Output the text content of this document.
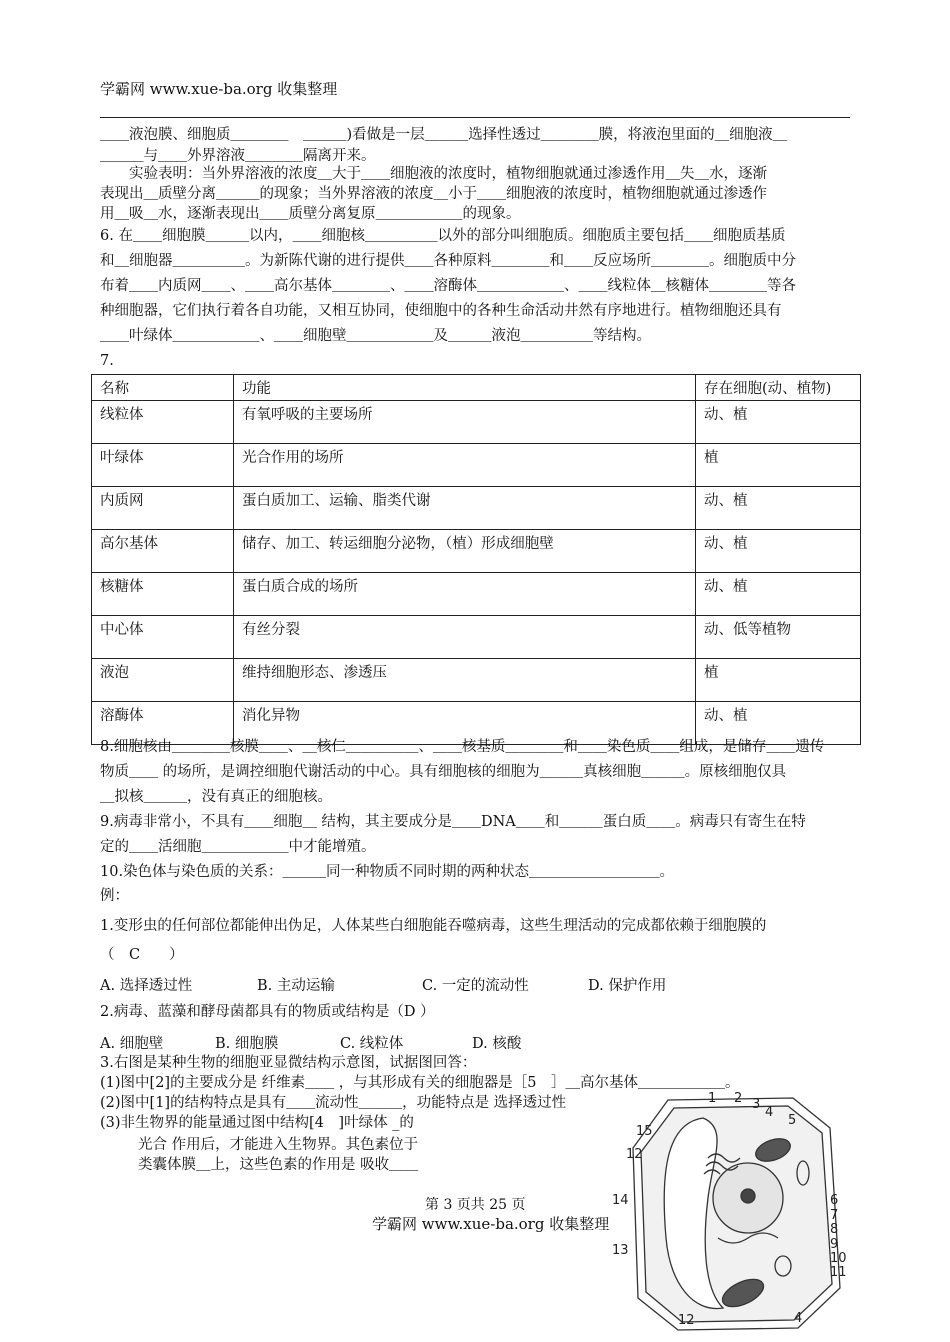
学霸网 www.xue-ba.org 收集整理
＿＿液泡膜、细胞质＿＿＿＿　＿＿＿)看做是一层＿＿＿选择性透过＿＿＿＿膜，将液泡里面的＿细胞液＿
＿＿＿与＿＿外界溶液＿＿＿＿隔离开来。
　　实验表明：当外界溶液的浓度＿大于＿＿细胞液的浓度时，植物细胞就通过渗透作用＿失＿水，逐渐
表现出＿质壁分离＿＿＿的现象；当外界溶液的浓度＿小于＿＿细胞液的浓度时，植物细胞就通过渗透作
用＿吸＿水，逐渐表现出＿＿质壁分离复原＿＿＿＿＿＿的现象。
6. 在＿＿细胞膜＿＿＿以内，＿＿细胞核＿＿＿＿＿以外的部分叫细胞质。细胞质主要包括＿＿细胞质基质
和＿细胞器＿＿＿＿＿。为新陈代谢的进行提供＿＿各种原料＿＿＿＿和＿＿反应场所＿＿＿＿。细胞质中分
布着＿＿内质网＿＿、＿＿高尔基体＿＿＿＿、＿＿溶酶体＿＿＿＿＿＿、＿＿线粒体＿核糖体＿＿＿＿等各
种细胞器，它们执行着各自功能，又相互协同，使细胞中的各种生命活动井然有序地进行。植物细胞还具有
＿＿叶绿体＿＿＿＿＿＿、＿＿细胞壁＿＿＿＿＿＿及＿＿＿液泡＿＿＿＿＿等结构。
7.
名称	功能	存在细胞(动、植物)
线粒体	有氧呼吸的主要场所	动、植
叶绿体	光合作用的场所	植
内质网	蛋白质加工、运输、脂类代谢	动、植
高尔基体	储存、加工、转运细胞分泌物，（植）形成细胞壁	动、植
核糖体	蛋白质合成的场所	动、植
中心体	有丝分裂	动、低等植物
液泡	维持细胞形态、渗透压	植
溶酶体	消化异物	动、植
8.细胞核由＿＿＿＿核膜＿＿、＿核仁＿＿＿＿＿、＿＿核基质＿＿＿＿和＿＿染色质＿＿组成，是储存＿＿遗传
物质＿＿ 的场所，是调控细胞代谢活动的中心。具有细胞核的细胞为＿＿＿真核细胞＿＿＿。原核细胞仅具
＿拟核＿＿＿，没有真正的细胞核。
9.病毒非常小，不具有＿＿细胞＿ 结构，其主要成分是＿＿DNA＿＿和＿＿＿蛋白质＿＿。病毒只有寄生在特
定的＿＿活细胞＿＿＿＿＿＿中才能增殖。
10.染色体与染色质的关系：＿＿＿同一种物质不同时期的两种状态＿＿＿＿＿＿＿＿＿。
例：
1.变形虫的任何部位都能伸出伪足，人体某些白细胞能吞噬病毒，这些生理活动的完成都依赖于细胞膜的
（　C　　）
A. 选择透过性	B. 主动运输	C. 一定的流动性	D. 保护作用
2.病毒、蓝藻和酵母菌都具有的物质或结构是（D ）
A. 细胞壁	B. 细胞膜	C. 线粒体	D. 核酸
3.右图是某种生物的细胞亚显微结构示意图，试据图回答：
(1)图中[2]的主要成分是 纤维素＿＿ ，与其形成有关的细胞器是［5　］＿高尔基体＿＿＿＿＿＿。
(2)图中[1]的结构特点是具有＿＿流动性＿＿＿，功能特点是 选择透过性
(3)非生物界的能量通过图中结构[4　]叶绿体 _的
光合 作用后，才能进入生物界。其色素位于
类囊体膜＿上，这些色素的作用是 吸收＿＿
第 3 页共 25 页
学霸网 www.xue-ba.org 收集整理
1 2 3
4
5
6
7
8
9
10
11
12
13
14
15
12	4
